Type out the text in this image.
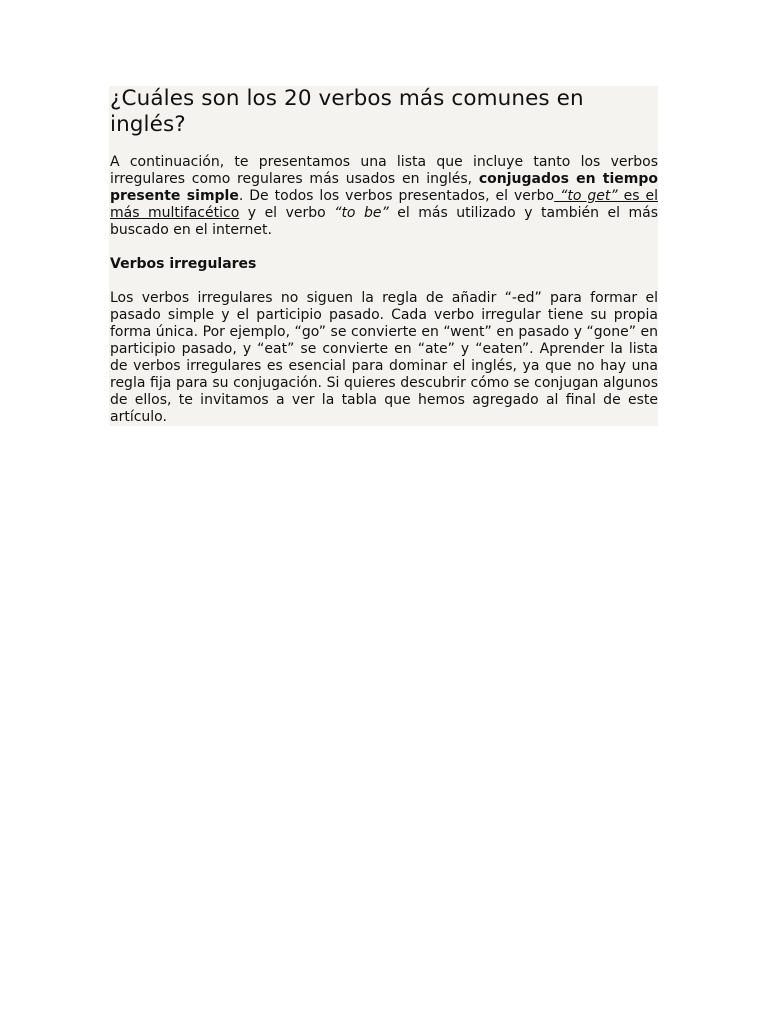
¿Cuáles son los 20 verbos más comunes en inglés?

A continuación, te presentamos una lista que incluye tanto los verbos irregulares como regulares más usados en inglés, conjugados en tiempo presente simple. De todos los verbos presentados, el verbo “to get” es el más multifacético y el verbo “to be” el más utilizado y también el más buscado en el internet.

Verbos irregulares

Los verbos irregulares no siguen la regla de añadir “-ed” para formar el pasado simple y el participio pasado. Cada verbo irregular tiene su propia forma única. Por ejemplo, “go” se convierte en “went” en pasado y “gone” en participio pasado, y “eat” se convierte en “ate” y “eaten”. Aprender la lista de verbos irregulares es esencial para dominar el inglés, ya que no hay una regla fija para su conjugación. Si quieres descubrir cómo se conjugan algunos de ellos, te invitamos a ver la tabla que hemos agregado al final de este artículo.
